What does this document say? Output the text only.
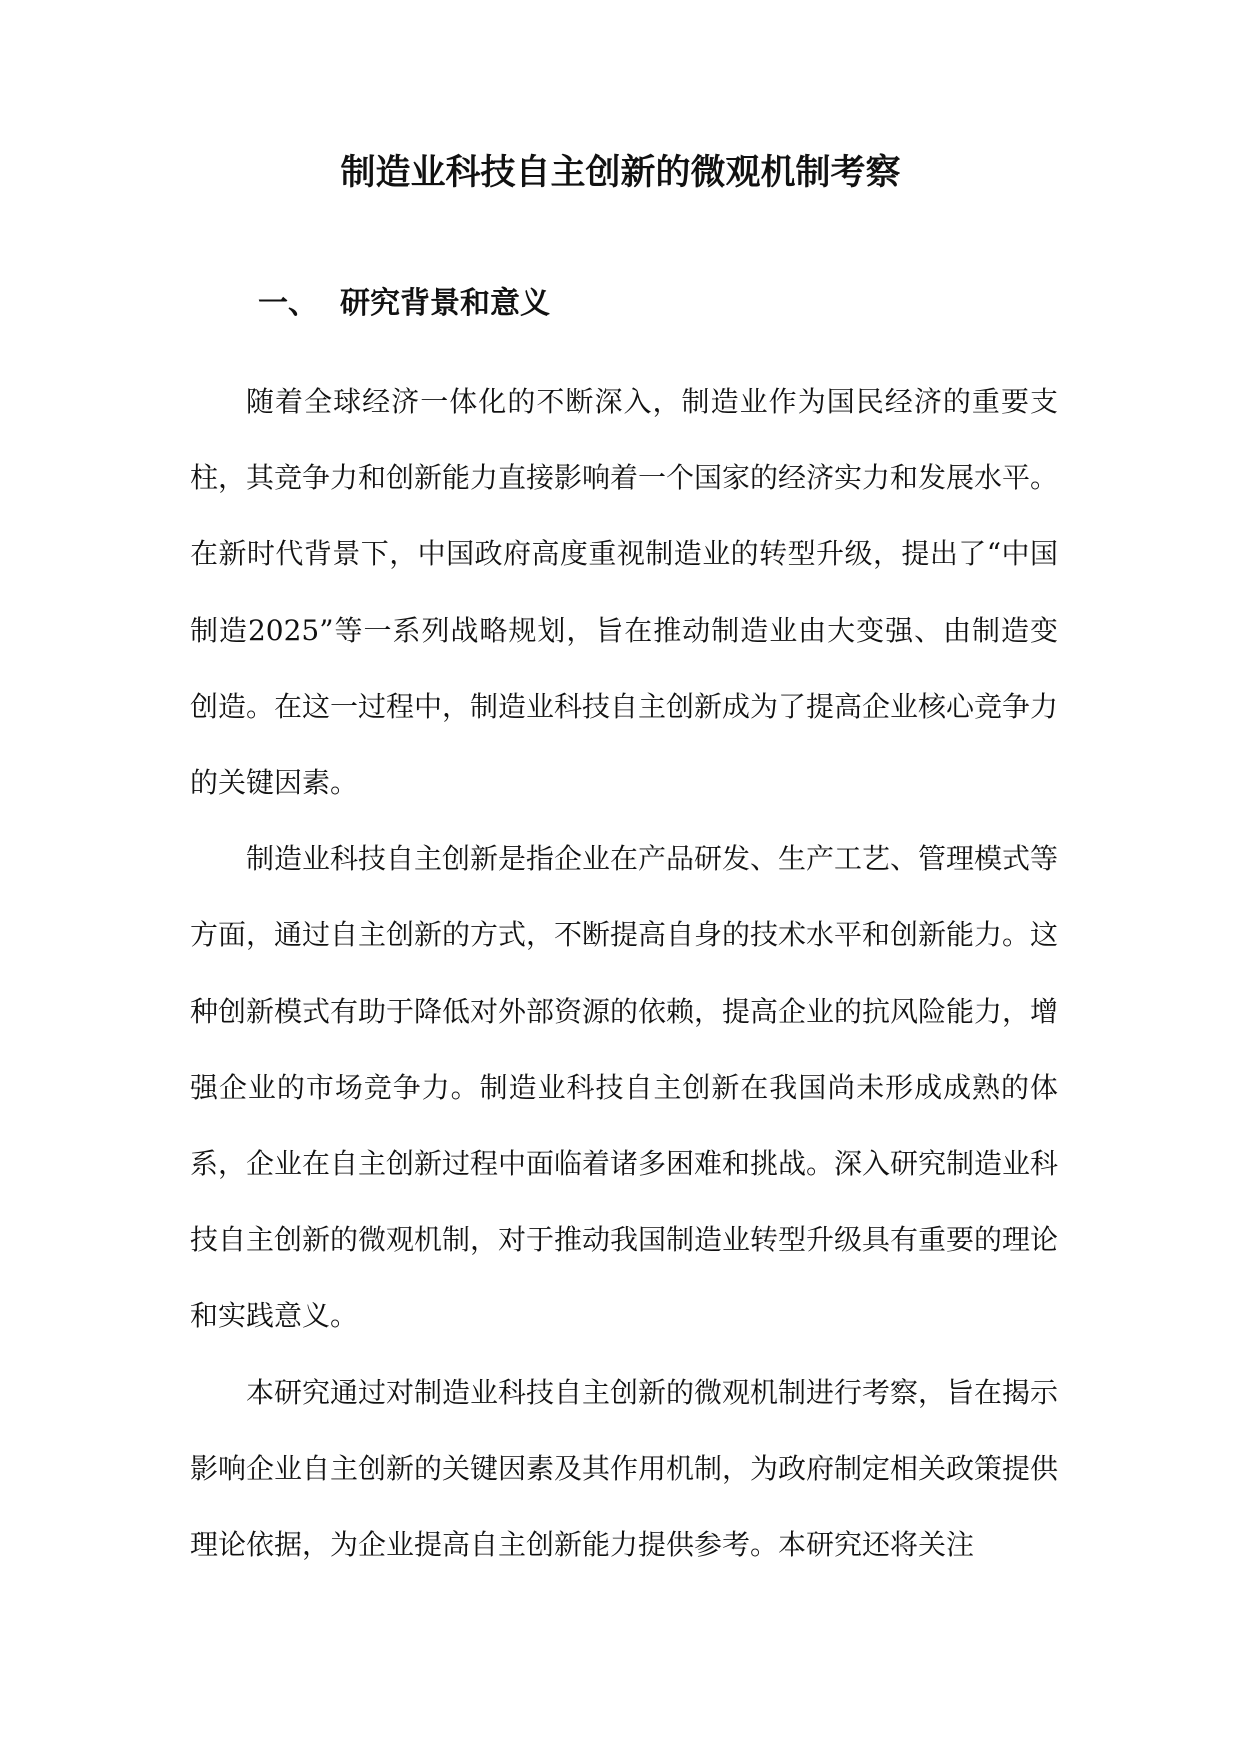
制造业科技自主创新的微观机制考察
一、 研究背景和意义

随着全球经济一体化的不断深入，制造业作为国民经济的重要支柱，其竞争力和创新能力直接影响着一个国家的经济实力和发展水平。在新时代背景下，中国政府高度重视制造业的转型升级，提出了“中国制造2025”等一系列战略规划，旨在推动制造业由大变强、由制造变创造。在这一过程中，制造业科技自主创新成为了提高企业核心竞争力的关键因素。

制造业科技自主创新是指企业在产品研发、生产工艺、管理模式等方面，通过自主创新的方式，不断提高自身的技术水平和创新能力。这种创新模式有助于降低对外部资源的依赖，提高企业的抗风险能力，增强企业的市场竞争力。制造业科技自主创新在我国尚未形成成熟的体系，企业在自主创新过程中面临着诸多困难和挑战。深入研究制造业科技自主创新的微观机制，对于推动我国制造业转型升级具有重要的理论和实践意义。

本研究通过对制造业科技自主创新的微观机制进行考察，旨在揭示影响企业自主创新的关键因素及其作用机制，为政府制定相关政策提供理论依据，为企业提高自主创新能力提供参考。本研究还将关注
